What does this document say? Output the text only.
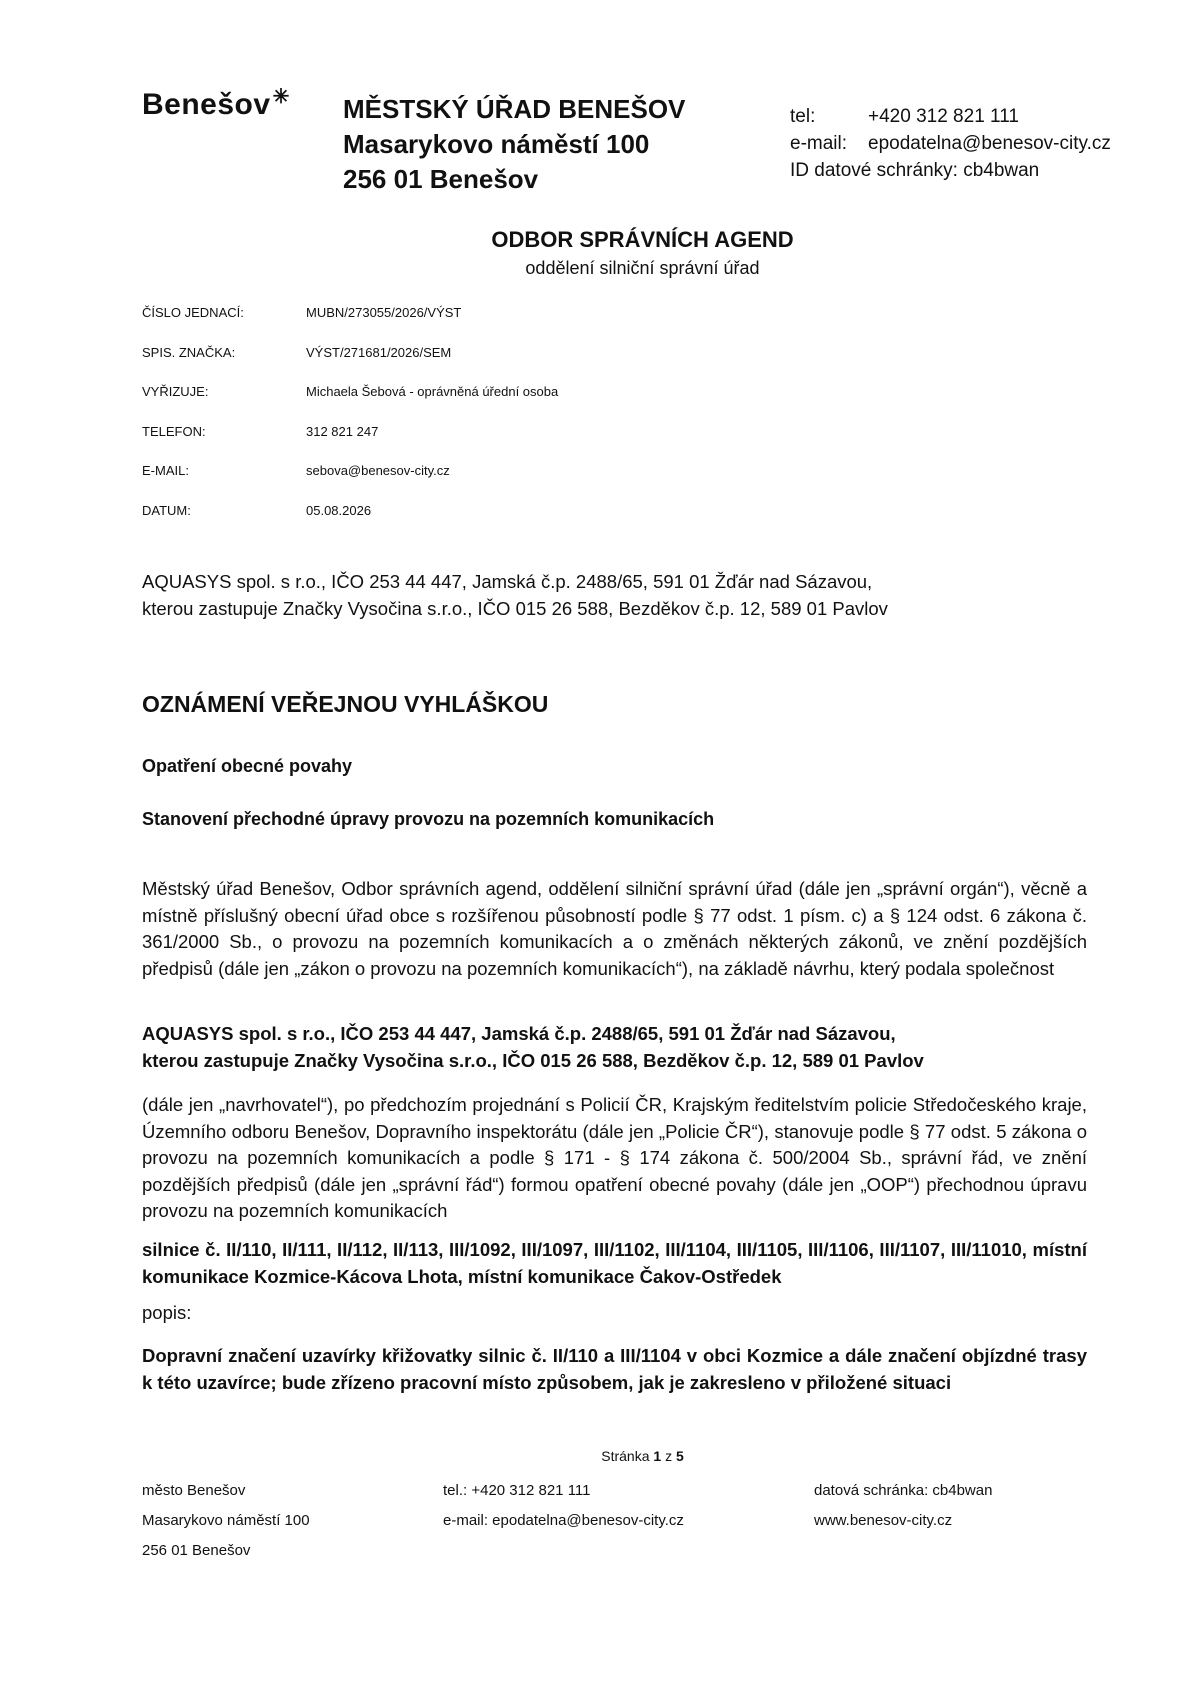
Benešov ✳ MĚSTSKÝ ÚŘAD BENEŠOV
Masarykovo náměstí 100
256 01 Benešov
tel:	+420 312 821 111
e-mail:	epodatelna@benesov-city.cz
ID datové schránky: cb4bwan
ODBOR SPRÁVNÍCH AGEND
oddělení silniční správní úřad
ČÍSLO JEDNACÍ:	MUBN/273055/2026/VÝST
SPIS. ZNAČKA:	VÝST/271681/2026/SEM
VYŘIZUJE:	Michaela Šebová - oprávněná úřední osoba
TELEFON:	312 821 247
E-MAIL:	sebova@benesov-city.cz
DATUM:	05.08.2026
AQUASYS spol. s r.o., IČO 253 44 447, Jamská č.p. 2488/65, 591 01 Žďár nad Sázavou,
kterou zastupuje Značky Vysočina s.r.o., IČO 015 26 588, Bezděkov č.p. 12, 589 01 Pavlov
OZNÁMENÍ VEŘEJNOU VYHLÁŠKOU
Opatření obecné povahy
Stanovení přechodné úpravy provozu na pozemních komunikacích
Městský úřad Benešov, Odbor správních agend, oddělení silniční správní úřad (dále jen „správní orgán“), věcně a místně příslušný obecní úřad obce s rozšířenou působností podle § 77 odst. 1 písm. c) a § 124 odst. 6 zákona č. 361/2000 Sb., o provozu na pozemních komunikacích a o změnách některých zákonů, ve znění pozdějších předpisů (dále jen „zákon o provozu na pozemních komunikacích“), na základě návrhu, který podala společnost
AQUASYS spol. s r.o., IČO 253 44 447, Jamská č.p. 2488/65, 591 01 Žďár nad Sázavou,
kterou zastupuje Značky Vysočina s.r.o., IČO 015 26 588, Bezděkov č.p. 12, 589 01 Pavlov
(dále jen „navrhovatel“), po předchozím projednání s Policií ČR, Krajským ředitelstvím policie Středočeského kraje, Územního odboru Benešov, Dopravního inspektorátu (dále jen „Policie ČR“), stanovuje podle § 77 odst. 5 zákona o provozu na pozemních komunikacích a podle § 171 - § 174 zákona č. 500/2004 Sb., správní řád, ve znění pozdějších předpisů (dále jen „správní řád“) formou opatření obecné povahy (dále jen „OOP“) přechodnou úpravu provozu na pozemních komunikacích
silnice č. II/110, II/111, II/112, II/113, III/1092, III/1097, III/1102, III/1104, III/1105, III/1106, III/1107, III/11010, místní komunikace Kozmice-Kácova Lhota, místní komunikace Čakov-Ostředek
popis:
Dopravní značení uzavírky křižovatky silnic č. II/110 a III/1104 v obci Kozmice a dále značení objízdné trasy k této uzavírce; bude zřízeno pracovní místo způsobem, jak je zakresleno v přiložené situaci
Stránka 1 z 5
město Benešov
Masarykovo náměstí 100
256 01 Benešov
tel.: +420 312 821 111
e-mail: epodatelna@benesov-city.cz
datová schránka: cb4bwan
www.benesov-city.cz
